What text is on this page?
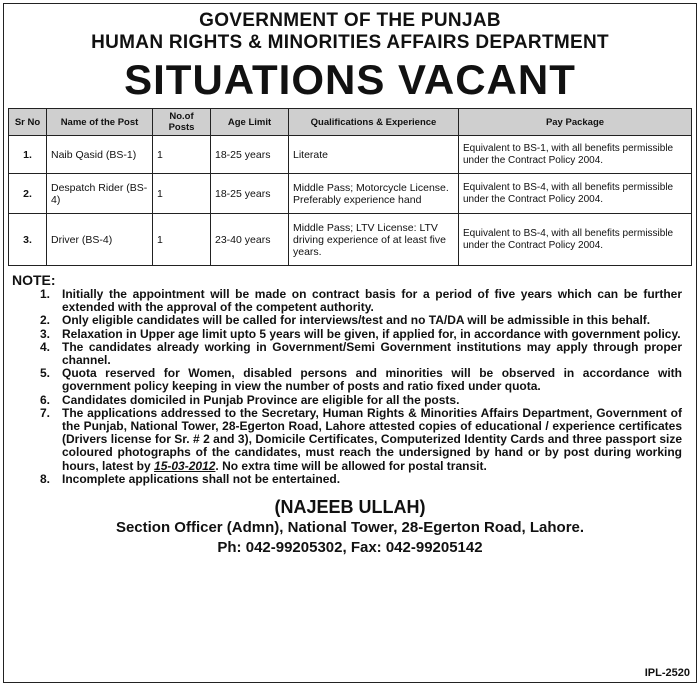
GOVERNMENT OF THE PUNJAB
HUMAN RIGHTS & MINORITIES AFFAIRS DEPARTMENT
SITUATIONS VACANT
Sr No	Name of the Post	No.of Posts	Age Limit	Qualifications & Experience	Pay Package
1.	Naib Qasid (BS-1)	1	18-25 years	Literate	Equivalent to BS-1, with all benefits permissible under the Contract Policy 2004.
2.	Despatch Rider (BS-4)	1	18-25 years	Middle Pass; Motorcycle License. Preferably experience hand	Equivalent to BS-4, with all benefits permissible under the Contract Policy 2004.
3.	Driver (BS-4)	1	23-40 years	Middle Pass; LTV License: LTV driving experience of at least five years.	Equivalent to BS-4, with all benefits permissible under the Contract Policy 2004.
NOTE:
1. Initially the appointment will be made on contract basis for a period of five years which can be further extended with the approval of the competent authority.
2. Only eligible candidates will be called for interviews/test and no TA/DA will be admissible in this behalf.
3. Relaxation in Upper age limit upto 5 years will be given, if applied for, in accordance with government policy.
4. The candidates already working in Government/Semi Government institutions may apply through proper channel.
5. Quota reserved for Women, disabled persons and minorities will be observed in accordance with government policy keeping in view the number of posts and ratio fixed under quota.
6. Candidates domiciled in Punjab Province are eligible for all the posts.
7. The applications addressed to the Secretary, Human Rights & Minorities Affairs Department, Government of the Punjab, National Tower, 28-Egerton Road, Lahore attested copies of educational / experience certificates (Drivers license for Sr. # 2 and 3), Domicile Certificates, Computerized Identity Cards and three passport size coloured photographs of the candidates, must reach the undersigned by hand or by post during working hours, latest by 15-03-2012. No extra time will be allowed for postal transit.
8. Incomplete applications shall not be entertained.
(NAJEEB ULLAH)
Section Officer (Admn), National Tower, 28-Egerton Road, Lahore.
Ph: 042-99205302, Fax: 042-99205142
IPL-2520
